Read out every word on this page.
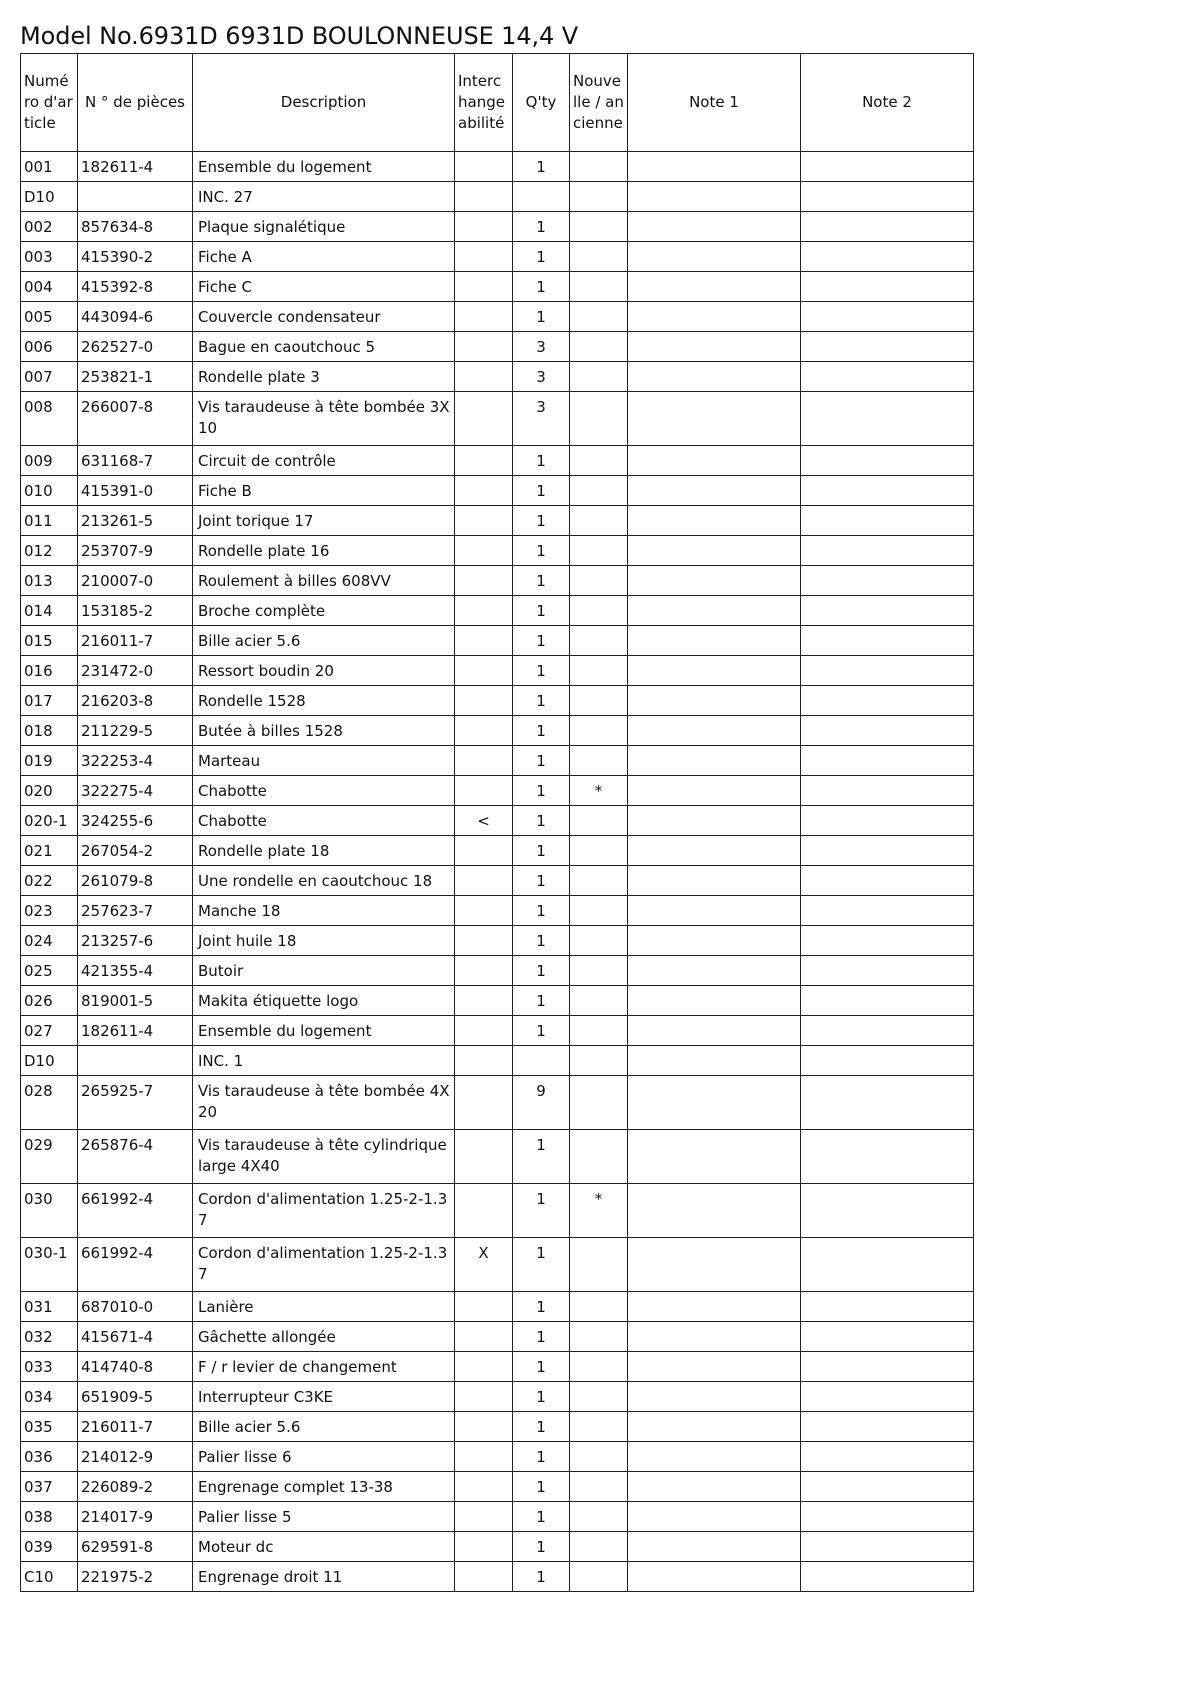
Model No.6931D 6931D BOULONNEUSE 14,4 V
Numéro d'article	N ° de pièces	Description	Interchangeabilité	Q'ty	Nouvelle / ancienne	Note 1	Note 2
001	182611-4	Ensemble du logement		1			
D10		INC. 27					
002	857634-8	Plaque signalétique		1			
003	415390-2	Fiche A		1			
004	415392-8	Fiche C		1			
005	443094-6	Couvercle condensateur		1			
006	262527-0	Bague en caoutchouc 5		3			
007	253821-1	Rondelle plate 3		3			
008	266007-8	Vis taraudeuse à tête bombée 3X10		3			
009	631168-7	Circuit de contrôle		1			
010	415391-0	Fiche B		1			
011	213261-5	Joint torique 17		1			
012	253707-9	Rondelle plate 16		1			
013	210007-0	Roulement à billes 608VV		1			
014	153185-2	Broche complète		1			
015	216011-7	Bille acier 5.6		1			
016	231472-0	Ressort boudin 20		1			
017	216203-8	Rondelle 1528		1			
018	211229-5	Butée à billes 1528		1			
019	322253-4	Marteau		1			
020	322275-4	Chabotte		1	*		
020-1	324255-6	Chabotte	<	1			
021	267054-2	Rondelle plate 18		1			
022	261079-8	Une rondelle en caoutchouc 18		1			
023	257623-7	Manche 18		1			
024	213257-6	Joint huile 18		1			
025	421355-4	Butoir		1			
026	819001-5	Makita étiquette logo		1			
027	182611-4	Ensemble du logement		1			
D10		INC. 1					
028	265925-7	Vis taraudeuse à tête bombée 4X20		9			
029	265876-4	Vis taraudeuse à tête cylindrique large 4X40		1			
030	661992-4	Cordon d'alimentation 1.25-2-1.37		1	*		
030-1	661992-4	Cordon d'alimentation 1.25-2-1.37	X	1			
031	687010-0	Lanière		1			
032	415671-4	Gâchette allongée		1			
033	414740-8	F / r levier de changement		1			
034	651909-5	Interrupteur C3KE		1			
035	216011-7	Bille acier 5.6		1			
036	214012-9	Palier lisse 6		1			
037	226089-2	Engrenage complet 13-38		1			
038	214017-9	Palier lisse 5		1			
039	629591-8	Moteur dc		1			
C10	221975-2	Engrenage droit 11		1			
